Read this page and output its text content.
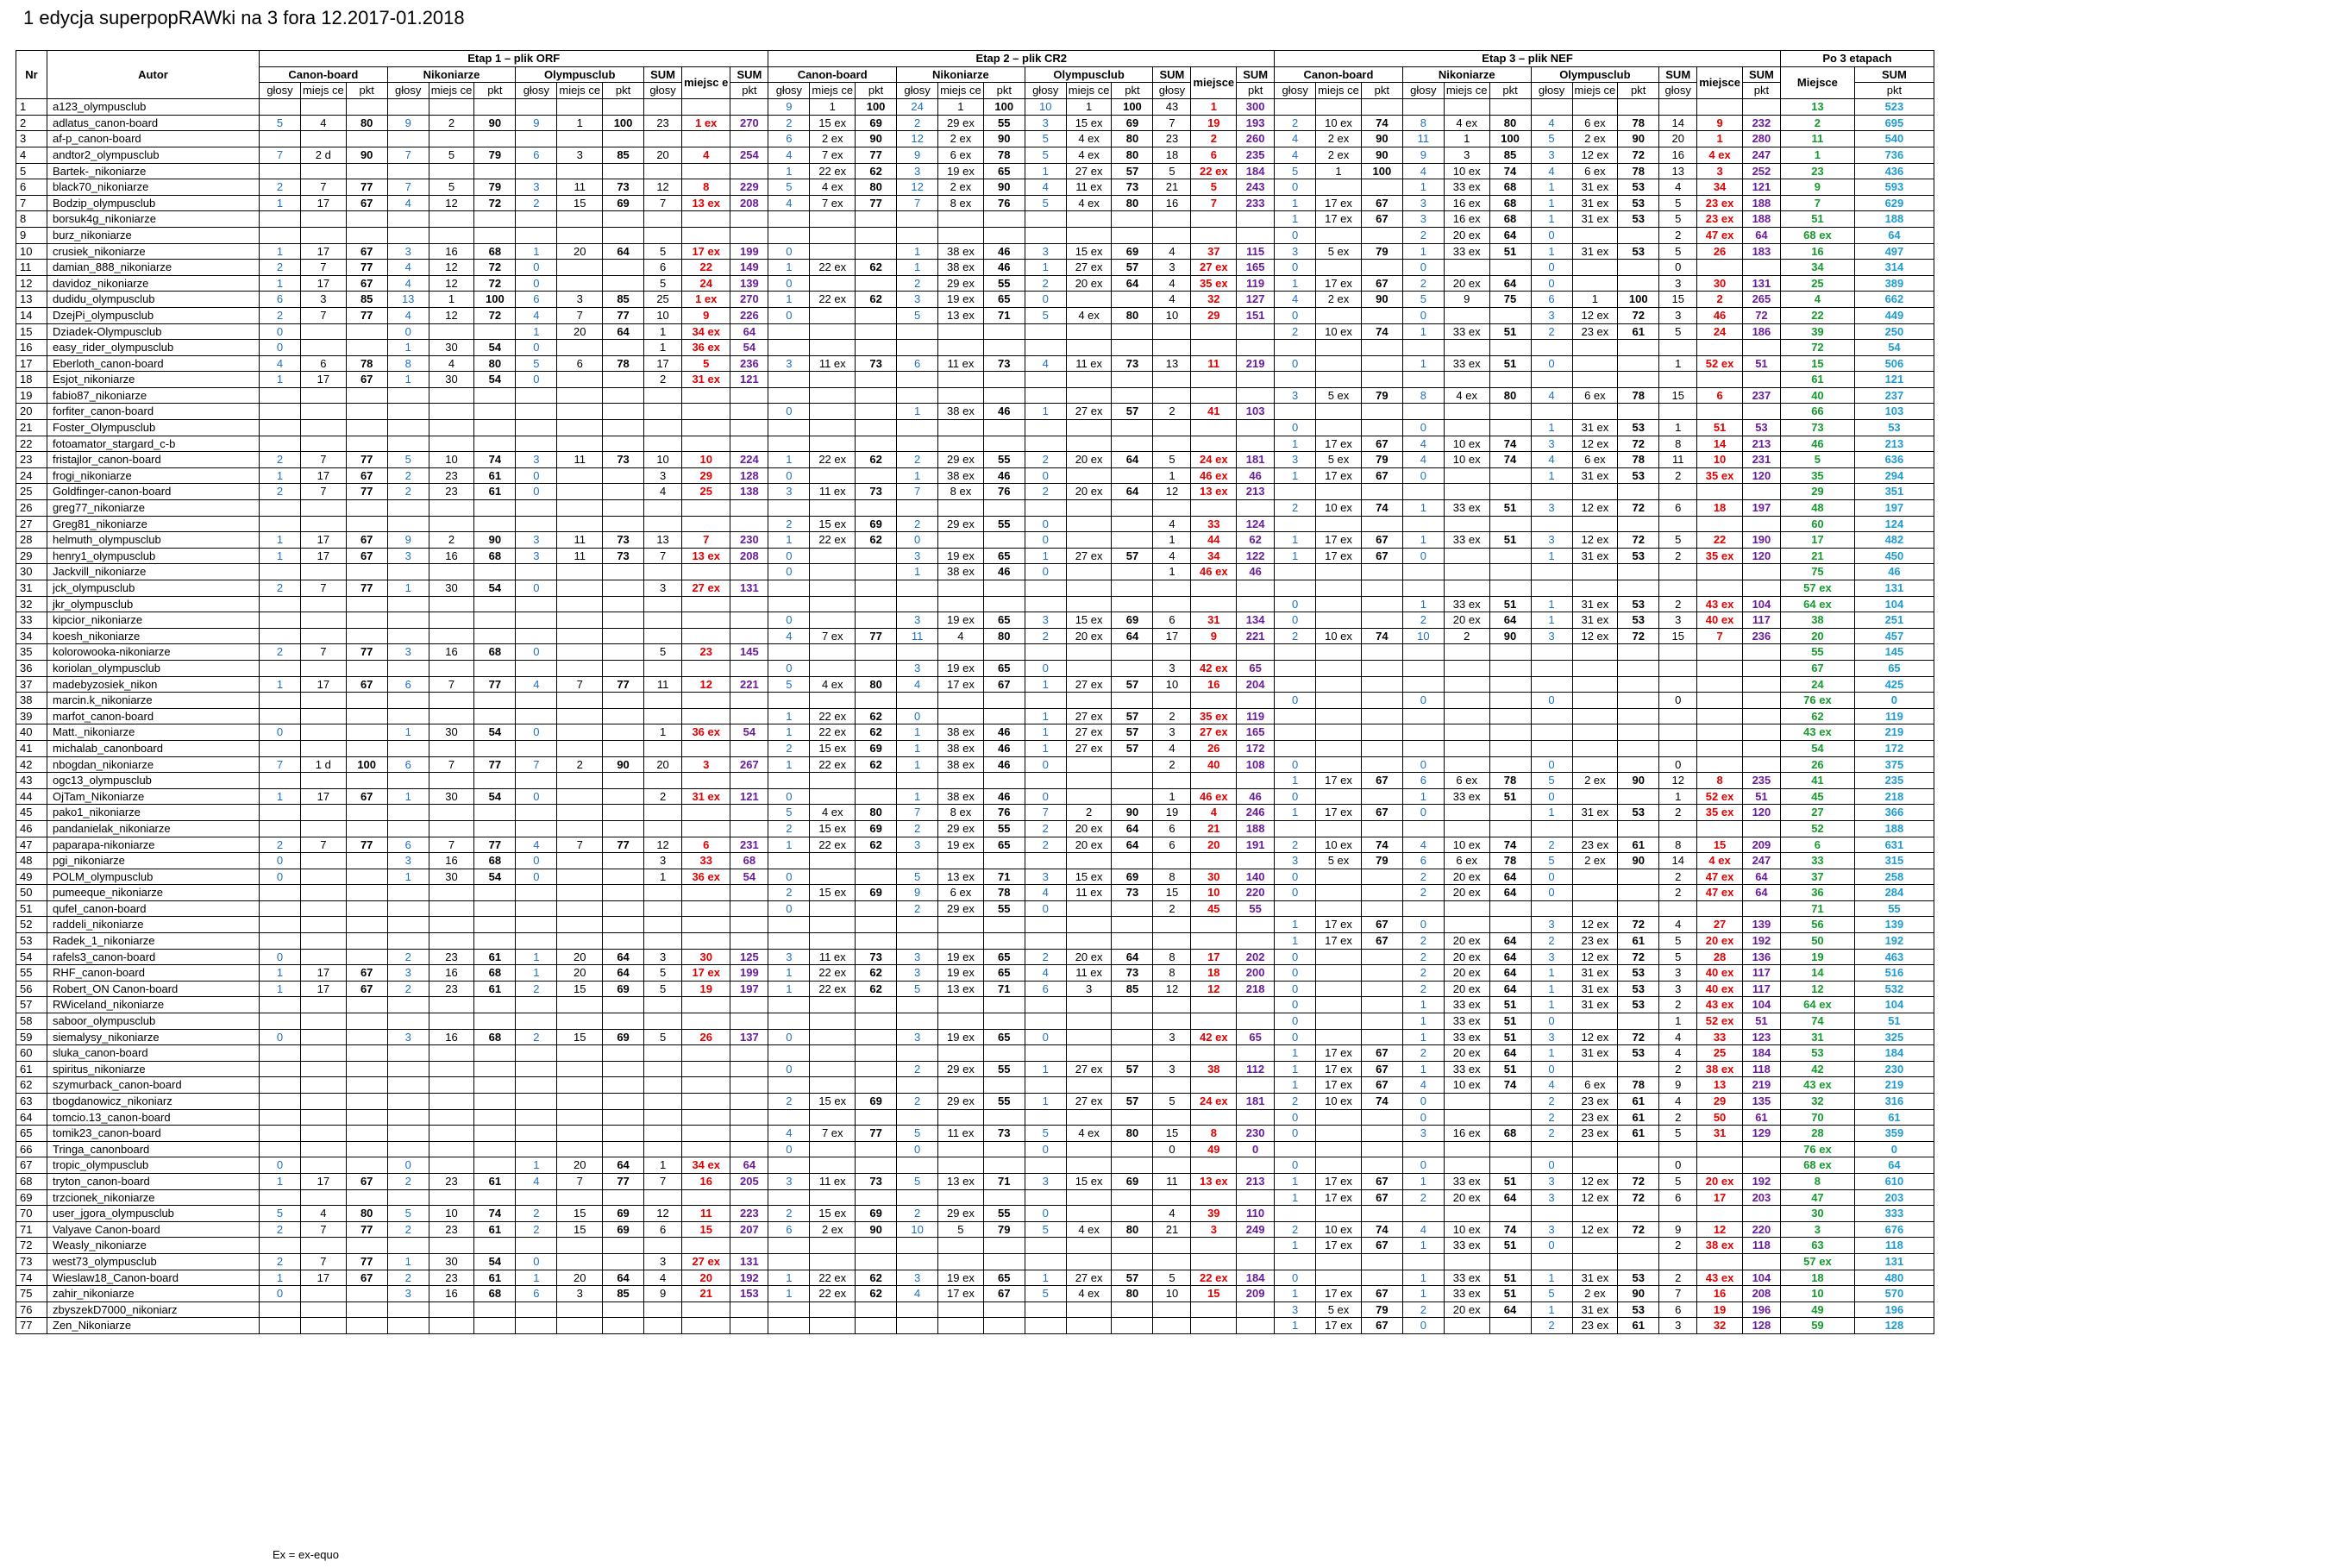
1 edycja superpopRAWki na 3 fora 12.2017-01.2018
Nr	Autor	Etap 1 – plik ORF												Etap 2 – plik CR2												Etap 3 – plik NEF												Po 3 etapach	
		Canon-board			Nikoniarze			Olympusclub			SUM	miejsc e	SUM	Canon-board			Nikoniarze			Olympusclub			SUM	miejsce	SUM	Canon-board			Nikoniarze			Olympusclub			SUM	miejsce	SUM	Miejsce	SUM
		głosy	miejs ce	pkt	głosy	miejs ce	pkt	głosy	miejs ce	pkt	głosy		pkt	głosy	miejs ce	pkt	głosy	miejs ce	pkt	głosy	miejs ce	pkt	głosy		pkt	głosy	miejs ce	pkt	głosy	miejs ce	pkt	głosy	miejs ce	pkt	głosy		pkt		pkt
1	a123_olympusclub													9	1	100	24	1	100	10	1	100	43	1	300													13	523
2	adlatus_canon-board	5	4	80	9	2	90	9	1	100	23	1 ex	270	2	15 ex	69	2	29 ex	55	3	15 ex	69	7	19	193	2	10 ex	74	8	4 ex	80	4	6 ex	78	14	9	232	2	695
3	af-p_canon-board													6	2 ex	90	12	2 ex	90	5	4 ex	80	23	2	260	4	2 ex	90	11	1	100	5	2 ex	90	20	1	280	11	540
4	andtor2_olympusclub	7	2 d	90	7	5	79	6	3	85	20	4	254	4	7 ex	77	9	6 ex	78	5	4 ex	80	18	6	235	4	2 ex	90	9	3	85	3	12 ex	72	16	4 ex	247	1	736
5	Bartek-_nikoniarze													1	22 ex	62	3	19 ex	65	1	27 ex	57	5	22 ex	184	5	1	100	4	10 ex	74	4	6 ex	78	13	3	252	23	436
6	black70_nikoniarze	2	7	77	7	5	79	3	11	73	12	8	229	5	4 ex	80	12	2 ex	90	4	11 ex	73	21	5	243	0			1	33 ex	68	1	31 ex	53	4	34	121	9	593
7	Bodzip_olympusclub	1	17	67	4	12	72	2	15	69	7	13 ex	208	4	7 ex	77	7	8 ex	76	5	4 ex	80	16	7	233	1	17 ex	67	3	16 ex	68	1	31 ex	53	5	23 ex	188	7	629
8	borsuk4g_nikoniarze																									1	17 ex	67	3	16 ex	68	1	31 ex	53	5	23 ex	188	51	188
9	burz_nikoniarze																									0			2	20 ex	64	0			2	47 ex	64	68 ex	64
10	crusiek_nikoniarze	1	17	67	3	16	68	1	20	64	5	17 ex	199	0			1	38 ex	46	3	15 ex	69	4	37	115	3	5 ex	79	1	33 ex	51	1	31 ex	53	5	26	183	16	497
11	damian_888_nikoniarze	2	7	77	4	12	72	0			6	22	149	1	22 ex	62	1	38 ex	46	1	27 ex	57	3	27 ex	165	0			0			0			0			34	314
12	davidoz_nikoniarze	1	17	67	4	12	72	0			5	24	139	0			2	29 ex	55	2	20 ex	64	4	35 ex	119	1	17 ex	67	2	20 ex	64	0			3	30	131	25	389
13	dudidu_olympusclub	6	3	85	13	1	100	6	3	85	25	1 ex	270	1	22 ex	62	3	19 ex	65	0			4	32	127	4	2 ex	90	5	9	75	6	1	100	15	2	265	4	662
14	DzejPi_olympusclub	2	7	77	4	12	72	4	7	77	10	9	226	0			5	13 ex	71	5	4 ex	80	10	29	151	0			0			3	12 ex	72	3	46	72	22	449
15	Dziadek-Olympusclub	0			0			1	20	64	1	34 ex	64													2	10 ex	74	1	33 ex	51	2	23 ex	61	5	24	186	39	250
16	easy_rider_olympusclub	0			1	30	54	0			1	36 ex	54																									72	54
17	Eberloth_canon-board	4	6	78	8	4	80	5	6	78	17	5	236	3	11 ex	73	6	11 ex	73	4	11 ex	73	13	11	219	0			1	33 ex	51	0			1	52 ex	51	15	506
18	Esjot_nikoniarze	1	17	67	1	30	54	0			2	31 ex	121																									61	121
19	fabio87_nikoniarze																									3	5 ex	79	8	4 ex	80	4	6 ex	78	15	6	237	40	237
20	forfiter_canon-board													0			1	38 ex	46	1	27 ex	57	2	41	103													66	103
21	Foster_Olympusclub																									0			0			1	31 ex	53	1	51	53	73	53
22	fotoamator_stargard_c-b																									1	17 ex	67	4	10 ex	74	3	12 ex	72	8	14	213	46	213
23	fristajlor_canon-board	2	7	77	5	10	74	3	11	73	10	10	224	1	22 ex	62	2	29 ex	55	2	20 ex	64	5	24 ex	181	3	5 ex	79	4	10 ex	74	4	6 ex	78	11	10	231	5	636
24	frogi_nikoniarze	1	17	67	2	23	61	0			3	29	128	0			1	38 ex	46	0			1	46 ex	46	1	17 ex	67	0			1	31 ex	53	2	35 ex	120	35	294
25	Goldfinger-canon-board	2	7	77	2	23	61	0			4	25	138	3	11 ex	73	7	8 ex	76	2	20 ex	64	12	13 ex	213													29	351
26	greg77_nikoniarze																									2	10 ex	74	1	33 ex	51	3	12 ex	72	6	18	197	48	197
27	Greg81_nikoniarze													2	15 ex	69	2	29 ex	55	0			4	33	124													60	124
28	helmuth_olympusclub	1	17	67	9	2	90	3	11	73	13	7	230	1	22 ex	62	0			0			1	44	62	1	17 ex	67	1	33 ex	51	3	12 ex	72	5	22	190	17	482
29	henry1_olympusclub	1	17	67	3	16	68	3	11	73	7	13 ex	208	0			3	19 ex	65	1	27 ex	57	4	34	122	1	17 ex	67	0			1	31 ex	53	2	35 ex	120	21	450
30	Jackvill_nikoniarze													0			1	38 ex	46	0			1	46 ex	46													75	46
31	jck_olympusclub	2	7	77	1	30	54	0			3	27 ex	131																									57 ex	131
32	jkr_olympusclub																									0			1	33 ex	51	1	31 ex	53	2	43 ex	104	64 ex	104
33	kipcior_nikoniarze													0			3	19 ex	65	3	15 ex	69	6	31	134	0			2	20 ex	64	1	31 ex	53	3	40 ex	117	38	251
34	koesh_nikoniarze													4	7 ex	77	11	4	80	2	20 ex	64	17	9	221	2	10 ex	74	10	2	90	3	12 ex	72	15	7	236	20	457
35	kolorowooka-nikoniarze	2	7	77	3	16	68	0			5	23	145																									55	145
36	koriolan_olympusclub													0			3	19 ex	65	0			3	42 ex	65													67	65
37	madebyzosiek_nikon	1	17	67	6	7	77	4	7	77	11	12	221	5	4 ex	80	4	17 ex	67	1	27 ex	57	10	16	204													24	425
38	marcin.k_nikoniarze																									0			0			0			0			76 ex	0
39	marfot_canon-board													1	22 ex	62	0			1	27 ex	57	2	35 ex	119													62	119
40	Matt._nikoniarze	0			1	30	54	0			1	36 ex	54	1	22 ex	62	1	38 ex	46	1	27 ex	57	3	27 ex	165													43 ex	219
41	michalab_canonboard													2	15 ex	69	1	38 ex	46	1	27 ex	57	4	26	172													54	172
42	nbogdan_nikoniarze	7	1 d	100	6	7	77	7	2	90	20	3	267	1	22 ex	62	1	38 ex	46	0			2	40	108	0			0			0			0			26	375
43	ogc13_olympusclub																									1	17 ex	67	6	6 ex	78	5	2 ex	90	12	8	235	41	235
44	OjTam_Nikoniarze	1	17	67	1	30	54	0			2	31 ex	121	0			1	38 ex	46	0			1	46 ex	46	0			1	33 ex	51	0			1	52 ex	51	45	218
45	pako1_nikoniarze													5	4 ex	80	7	8 ex	76	7	2	90	19	4	246	1	17 ex	67	0			1	31 ex	53	2	35 ex	120	27	366
46	pandanielak_nikoniarze													2	15 ex	69	2	29 ex	55	2	20 ex	64	6	21	188													52	188
47	paparapa-nikoniarze	2	7	77	6	7	77	4	7	77	12	6	231	1	22 ex	62	3	19 ex	65	2	20 ex	64	6	20	191	2	10 ex	74	4	10 ex	74	2	23 ex	61	8	15	209	6	631
48	pgi_nikoniarze	0			3	16	68	0			3	33	68													3	5 ex	79	6	6 ex	78	5	2 ex	90	14	4 ex	247	33	315
49	POLM_olympusclub	0			1	30	54	0			1	36 ex	54	0			5	13 ex	71	3	15 ex	69	8	30	140	0			2	20 ex	64	0			2	47 ex	64	37	258
50	pumeeque_nikoniarze													2	15 ex	69	9	6 ex	78	4	11 ex	73	15	10	220	0			2	20 ex	64	0			2	47 ex	64	36	284
51	qufel_canon-board													0			2	29 ex	55	0			2	45	55													71	55
52	raddeli_nikoniarze																									1	17 ex	67	0			3	12 ex	72	4	27	139	56	139
53	Radek_1_nikoniarze																									1	17 ex	67	2	20 ex	64	2	23 ex	61	5	20 ex	192	50	192
54	rafels3_canon-board	0			2	23	61	1	20	64	3	30	125	3	11 ex	73	3	19 ex	65	2	20 ex	64	8	17	202	0			2	20 ex	64	3	12 ex	72	5	28	136	19	463
55	RHF_canon-board	1	17	67	3	16	68	1	20	64	5	17 ex	199	1	22 ex	62	3	19 ex	65	4	11 ex	73	8	18	200	0			2	20 ex	64	1	31 ex	53	3	40 ex	117	14	516
56	Robert_ON Canon-board	1	17	67	2	23	61	2	15	69	5	19	197	1	22 ex	62	5	13 ex	71	6	3	85	12	12	218	0			2	20 ex	64	1	31 ex	53	3	40 ex	117	12	532
57	RWiceland_nikoniarze																									0			1	33 ex	51	1	31 ex	53	2	43 ex	104	64 ex	104
58	saboor_olympusclub																									0			1	33 ex	51	0			1	52 ex	51	74	51
59	siemalysy_nikoniarze	0			3	16	68	2	15	69	5	26	137	0			3	19 ex	65	0			3	42 ex	65	0			1	33 ex	51	3	12 ex	72	4	33	123	31	325
60	sluka_canon-board																									1	17 ex	67	2	20 ex	64	1	31 ex	53	4	25	184	53	184
61	spiritus_nikoniarze													0			2	29 ex	55	1	27 ex	57	3	38	112	1	17 ex	67	1	33 ex	51	0			2	38 ex	118	42	230
62	szymurback_canon-board																									1	17 ex	67	4	10 ex	74	4	6 ex	78	9	13	219	43 ex	219
63	tbogdanowicz_nikoniarz													2	15 ex	69	2	29 ex	55	1	27 ex	57	5	24 ex	181	2	10 ex	74	0			2	23 ex	61	4	29	135	32	316
64	tomcio.13_canon-board																									0			0			2	23 ex	61	2	50	61	70	61
65	tomik23_canon-board													4	7 ex	77	5	11 ex	73	5	4 ex	80	15	8	230	0			3	16 ex	68	2	23 ex	61	5	31	129	28	359
66	Tringa_canonboard													0			0			0			0	49	0													76 ex	0
67	tropic_olympusclub	0			0			1	20	64	1	34 ex	64													0			0			0			0			68 ex	64
68	tryton_canon-board	1	17	67	2	23	61	4	7	77	7	16	205	3	11 ex	73	5	13 ex	71	3	15 ex	69	11	13 ex	213	1	17 ex	67	1	33 ex	51	3	12 ex	72	5	20 ex	192	8	610
69	trzcionek_nikoniarze																									1	17 ex	67	2	20 ex	64	3	12 ex	72	6	17	203	47	203
70	user_jgora_olympusclub	5	4	80	5	10	74	2	15	69	12	11	223	2	15 ex	69	2	29 ex	55	0			4	39	110													30	333
71	Valyave Canon-board	2	7	77	2	23	61	2	15	69	6	15	207	6	2 ex	90	10	5	79	5	4 ex	80	21	3	249	2	10 ex	74	4	10 ex	74	3	12 ex	72	9	12	220	3	676
72	Weasly_nikoniarze																									1	17 ex	67	1	33 ex	51	0			2	38 ex	118	63	118
73	west73_olympusclub	2	7	77	1	30	54	0			3	27 ex	131																									57 ex	131
74	Wieslaw18_Canon-board	1	17	67	2	23	61	1	20	64	4	20	192	1	22 ex	62	3	19 ex	65	1	27 ex	57	5	22 ex	184	0			1	33 ex	51	1	31 ex	53	2	43 ex	104	18	480
75	zahir_nikoniarze	0			3	16	68	6	3	85	9	21	153	1	22 ex	62	4	17 ex	67	5	4 ex	80	10	15	209	1	17 ex	67	1	33 ex	51	5	2 ex	90	7	16	208	10	570
76	zbyszekD7000_nikoniarz																									3	5 ex	79	2	20 ex	64	1	31 ex	53	6	19	196	49	196
77	Zen_Nikoniarze																									1	17 ex	67	0			2	23 ex	61	3	32	128	59	128
Ex = ex-equo
